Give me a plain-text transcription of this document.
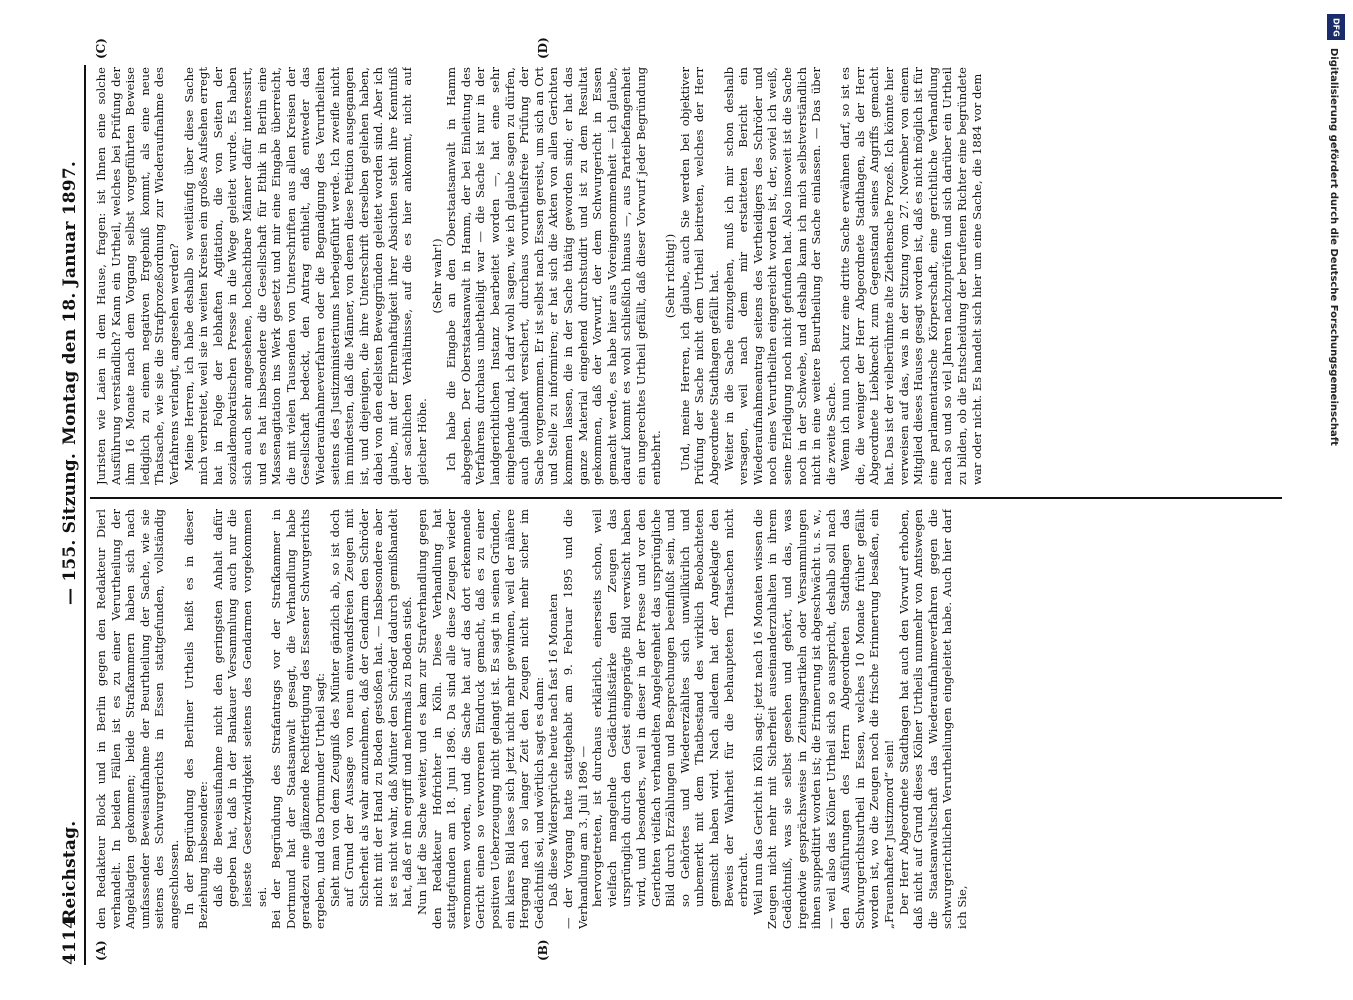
4114
Reichstag.
— 155. Sitzung.
Montag den 18. Januar 1897.
(A)	(B)
(C)	(D)

den Redakteur Block und in Berlin gegen den Redakteur Dierl verhandelt. In beiden Fällen ist es zu einer Verurtheilung der Angeklagten gekommen; beide Strafkammern haben sich nach umfassender Beweisaufnahme der Beurtheilung der Sache, wie sie seitens des Schwurgerichts in Essen stattgefunden, vollständig angeschlossen. In der Begründung des Berliner Urtheils heißt es in dieser Beziehung insbesondere: daß die Beweisaufnahme nicht den geringsten Anhalt dafür gegeben hat, daß in der Bankauer Versammlung auch nur die leiseste Gesetzwidrigkeit seitens des Gendarmen vorgekommen sei. Bei der Begründung des Strafantrags vor der Strafkammer in Dortmund hat der Staatsanwalt gesagt, die Verhandlung habe geradezu eine glänzende Rechtfertigung des Essener Schwurgerichts ergeben, und das Dortmunder Urtheil sagt: Sieht man von dem Zeugniß des Münter gänzlich ab, so ist doch auf Grund der Aussage von neun einwandsfreien Zeugen mit Sicherheit als wahr anzunehmen, daß der Gendarm den Schröder nicht mit der Hand zu Boden gestoßen hat. — Insbesondere aber ist es nicht wahr, daß Münter den Schröder dadurch gemißhandelt hat, daß er ihn ergriff und mehrmals zu Boden stieß. Nun lief die Sache weiter, und es kam zur Strafverhandlung gegen den Redakteur Hofrichter in Köln. Diese Verhandlung hat stattgefunden am 18. Juni 1896. Da sind alle diese Zeugen wieder vernommen worden, und die Sache hat auf das dort erkennende Gericht einen so verworrenen Eindruck gemacht, daß es zu einer positiven Ueberzeugung nicht gelangt ist. Es sagt in seinen Gründen, ein klares Bild lasse sich jetzt nicht mehr gewinnen, weil der nähere Hergang nach so langer Zeit den Zeugen nicht mehr sicher im Gedächtniß sei, und wörtlich sagt es dann: Daß diese Widersprüche heute nach fast 16 Monaten — der Vorgang hatte stattgehabt am 9. Februar 1895 und die Verhandlung am 3. Juli 1896 — hervorgetreten, ist durchaus erklärlich, einerseits schon, weil vielfach mangelnde Gedächtnißstärke den Zeugen das ursprünglich durch den Geist eingeprägte Bild verwischt haben wird, und besonders, weil in dieser in der Presse und vor den Gerichten vielfach verhandelten Angelegenheit das ursprüngliche Bild durch Erzählungen und Besprechungen beeinflußt sein, und so Gehörtes und Wiedererzähltes sich unwillkürlich und unbemerkt mit dem Thatbestand des wirklich Beobachteten gemischt haben wird. Nach alledem hat der Angeklagte den Beweis der Wahrheit für die behaupteten Thatsachen nicht erbracht. Weil nun das Gericht in Köln sagt: jetzt nach 16 Monaten wissen die Zeugen nicht mehr mit Sicherheit auseinanderzuhalten in ihrem Gedächtniß, was sie selbst gesehen und gehört, und das, was irgendwie gesprächsweise in Zeitungsartikeln oder Versammlungen ihnen suppeditirt worden ist; die Erinnerung ist abgeschwächt u. s. w., — weil also das Kölner Urtheil sich so ausspricht, deshalb soll nach den Ausführungen des Herrn Abgeordneten Stadthagen das Schwurgerichtsurtheil in Essen, welches 10 Monate früher gefällt worden ist, wo die Zeugen noch die frische Erinnerung besaßen, ein „Frauenhafter Justizmord“ sein! Der Herr Abgeordnete Stadthagen hat auch den Vorwurf erhoben, daß nicht auf Grund dieses Kölner Urtheils nunmehr von Amtswegen die Staatsanwaltschaft das Wiederaufnahmeverfahren gegen die schwurgerichtlichen Verurtheilungen eingeleitet habe. Auch hier darf ich Sie,

Juristen wie Laien in dem Hause, fragen: ist Ihnen eine solche Ausführung verständlich? Kann ein Urtheil, welches bei Prüfung der ihm 16 Monate nach dem Vorgang selbst vorgeführten Beweise lediglich zu einem negativen Ergebniß kommt, als eine neue Thatsache, wie sie die Strafprozeßordnung zur Wiederaufnahme des Verfahrens verlangt, angesehen werden? Meine Herren, ich habe deshalb so weitläufig über diese Sache mich verbreitet, weil sie in weiten Kreisen ein großes Aufsehen erregt hat in Folge der lebhaften Agitation, die von Seiten der sozialdemokratischen Presse in die Wege geleitet wurde. Es haben sich auch sehr angesehene, hochachtbare Männer dafür interessirt, und es hat insbesondere die Gesellschaft für Ethik in Berlin eine Massenagitation ins Werk gesetzt und mir eine Eingabe überreicht, die mit vielen Tausenden von Unterschriften aus allen Kreisen der Gesellschaft bedeckt, den Antrag enthielt, daß entweder das Wiederaufnahmeverfahren oder die Begnadigung des Verurtheilten seitens des Justizministeriums herbeigeführt werde. Ich zweifle nicht im mindesten, daß die Männer, von denen diese Petition ausgegangen ist, und diejenigen, die ihre Unterschrift derselben geliehen haben, dabei von den edelsten Beweggründen geleitet worden sind. Aber ich glaube, mit der Ehrenhaftigkeit ihrer Absichten steht ihre Kenntniß der sachlichen Verhältnisse, auf die es hier ankommt, nicht auf gleicher Höhe.

(Sehr wahr!) Ich habe die Eingabe an den Oberstaatsanwalt in Hamm abgegeben. Der Oberstaatsanwalt in Hamm, der bei Einleitung des Verfahrens durchaus unbetheiligt war — die Sache ist nur in der landgerichtlichen Instanz bearbeitet worden —, hat eine sehr eingehende und, ich darf wohl sagen, wie ich glaube sagen zu dürfen, auch glaubhaft versichert, durchaus vorurtheilsfreie Prüfung der Sache vorgenommen. Er ist selbst nach Essen gereist, um sich an Ort und Stelle zu informiren; er hat sich die Akten von allen Gerichten kommen lassen, die in der Sache thätig geworden sind; er hat das ganze Material eingehend durchstudirt und ist zu dem Resultat gekommen, daß der Vorwurf, der dem Schwurgericht in Essen gemacht werde, es habe hier aus Voreingenommenheit — ich glaube, darauf kommt es wohl schließlich hinaus —, aus Parteibefangenheit ein ungerechtes Urtheil gefällt, daß dieser Vorwurf jeder Begründung entbehrt.

(Sehr richtig!) Und, meine Herren, ich glaube, auch Sie werden bei objektiver Prüfung der Sache nicht dem Urtheil beitreten, welches der Herr Abgeordnete Stadthagen gefällt hat. Weiter in die Sache einzugehen, muß ich mir schon deshalb versagen, weil nach dem mir erstatteten Bericht ein Wiederaufnahmeantrag seitens des Vertheidigers des Schröder und noch eines Verurtheilten eingereicht worden ist, der, soviel ich weiß, seine Erledigung noch nicht gefunden hat. Also insoweit ist die Sache noch in der Schwebe, und deshalb kann ich mich selbstverständlich nicht in eine weitere Beurtheilung der Sache einlassen. — Das über die zweite Sache. Wenn ich nun noch kurz eine dritte Sache erwähnen darf, so ist es die, die weniger der Herr Abgeordnete Stadthagen, als der Herr Abgeordnete Liebknecht zum Gegenstand seines Angriffs gemacht hat. Das ist der vielberühmte alte Ziethensche Prozeß. Ich könnte hier verweisen auf das, was in der Sitzung vom 27. November von einem Mitglied dieses Hauses gesagt worden ist, daß es nicht möglich ist für eine parlamentarische Körperschaft, eine gerichtliche Verhandlung nach so und so viel Jahren nachzuprüfen und sich darüber ein Urtheil zu bilden, ob die Entscheidung der berufenen Richter eine begründete war oder nicht. Es handelt sich hier um eine Sache, die 1884 vor dem

DFG
Digitalisierung gefördert durch die Deutsche Forschungsgemeinschaft
